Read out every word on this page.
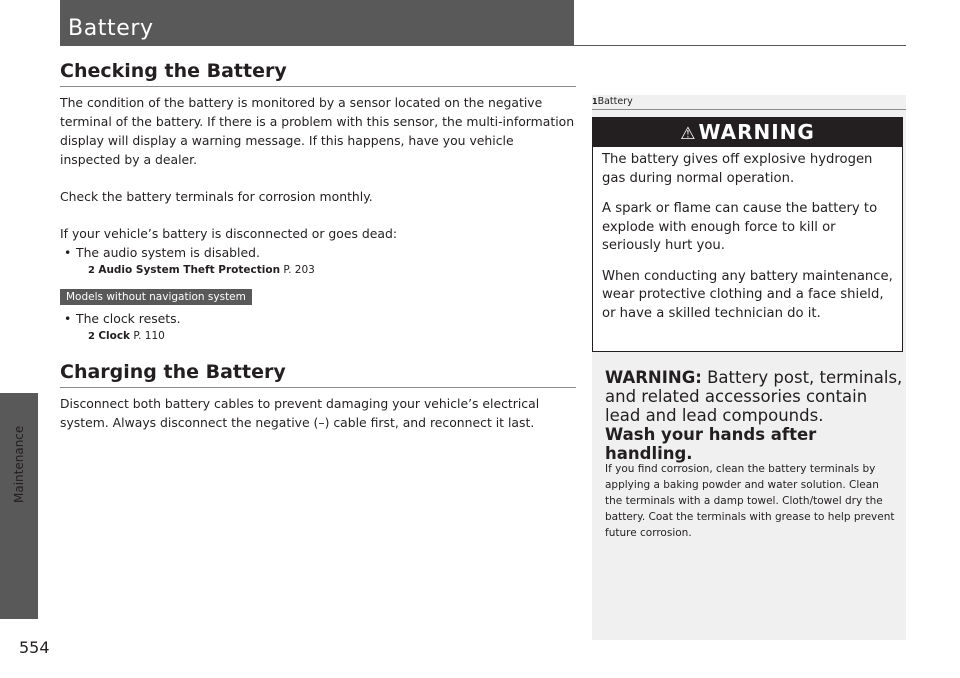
Maintenance
554
Battery
Checking the Battery

The condition of the battery is monitored by a sensor located on the negative terminal of the battery. If there is a problem with this sensor, the multi-information display will display a warning message. If this happens, have you vehicle inspected by a dealer.

Check the battery terminals for corrosion monthly.

If your vehicle’s battery is disconnected or goes dead:

• The audio system is disabled.

2 Audio System Theft Protection P. 203
Models without navigation system

• The clock resets.

2 Clock P. 110
Charging the Battery

Disconnect both battery cables to prevent damaging your vehicle’s electrical system. Always disconnect the negative (–) cable first, and reconnect it last.

1Battery
⚠ WARNING

The battery gives off explosive hydrogen gas during normal operation.

A spark or flame can cause the battery to explode with enough force to kill or seriously hurt you.

When conducting any battery maintenance, wear protective clothing and a face shield, or have a skilled technician do it.

WARNING: Battery post, terminals, and related accessories contain lead and lead compounds.
Wash your hands after handling.
If you find corrosion, clean the battery terminals by applying a baking powder and water solution. Clean the terminals with a damp towel. Cloth/towel dry the battery. Coat the terminals with grease to help prevent future corrosion.
